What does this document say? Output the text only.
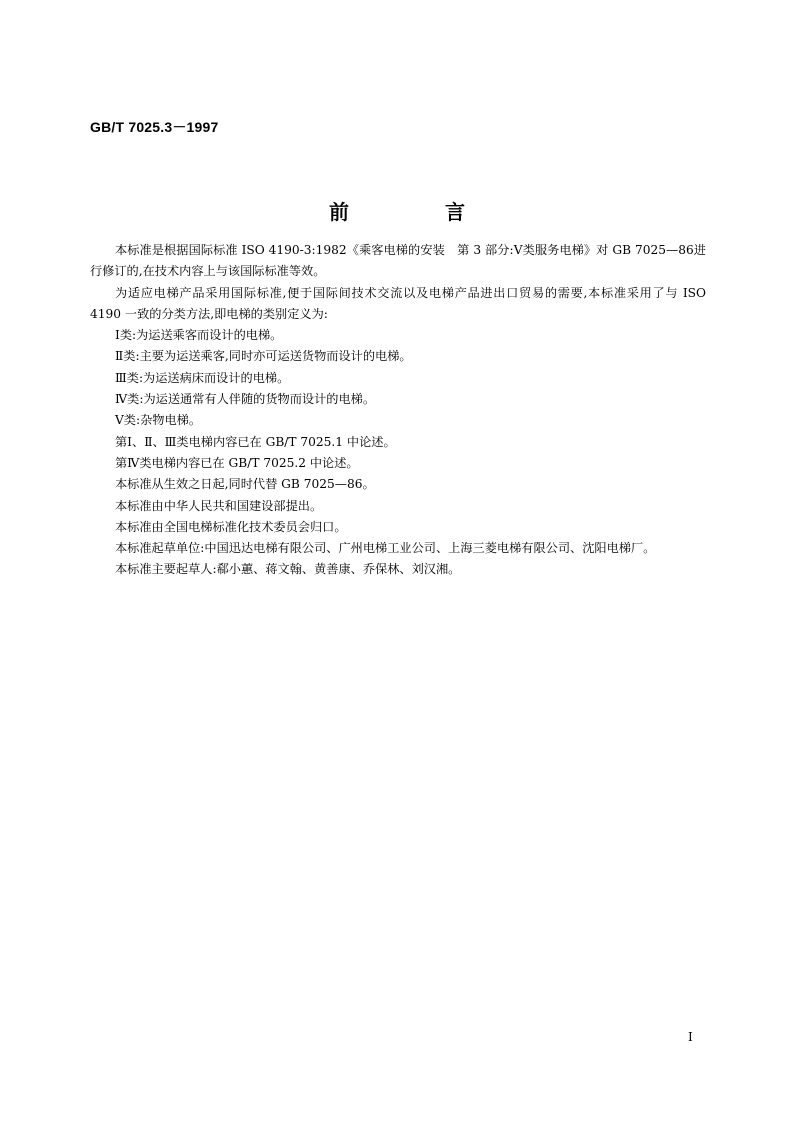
GB/T 7025.3－1997
前　言

本标准是根据国际标准 ISO 4190-3:1982《乘客电梯的安装　第 3 部分:Ⅴ类服务电梯》对 GB 7025—86进行修订的,在技术内容上与该国际标准等效。

为适应电梯产品采用国际标准,便于国际间技术交流以及电梯产品进出口贸易的需要,本标准采用了与 ISO 4190 一致的分类方法,即电梯的类别定义为:

Ⅰ类:为运送乘客而设计的电梯。

Ⅱ类:主要为运送乘客,同时亦可运送货物而设计的电梯。

Ⅲ类:为运送病床而设计的电梯。

Ⅳ类:为运送通常有人伴随的货物而设计的电梯。

Ⅴ类:杂物电梯。

第Ⅰ、Ⅱ、Ⅲ类电梯内容已在 GB/T 7025.1 中论述。

第Ⅳ类电梯内容已在 GB/T 7025.2 中论述。

本标准从生效之日起,同时代替 GB 7025—86。

本标准由中华人民共和国建设部提出。

本标准由全国电梯标准化技术委员会归口。

本标准起草单位:中国迅达电梯有限公司、广州电梯工业公司、上海三菱电梯有限公司、沈阳电梯厂。

本标准主要起草人:郗小蕙、蒋文翰、黄善康、乔保林、刘汉湘。

I
